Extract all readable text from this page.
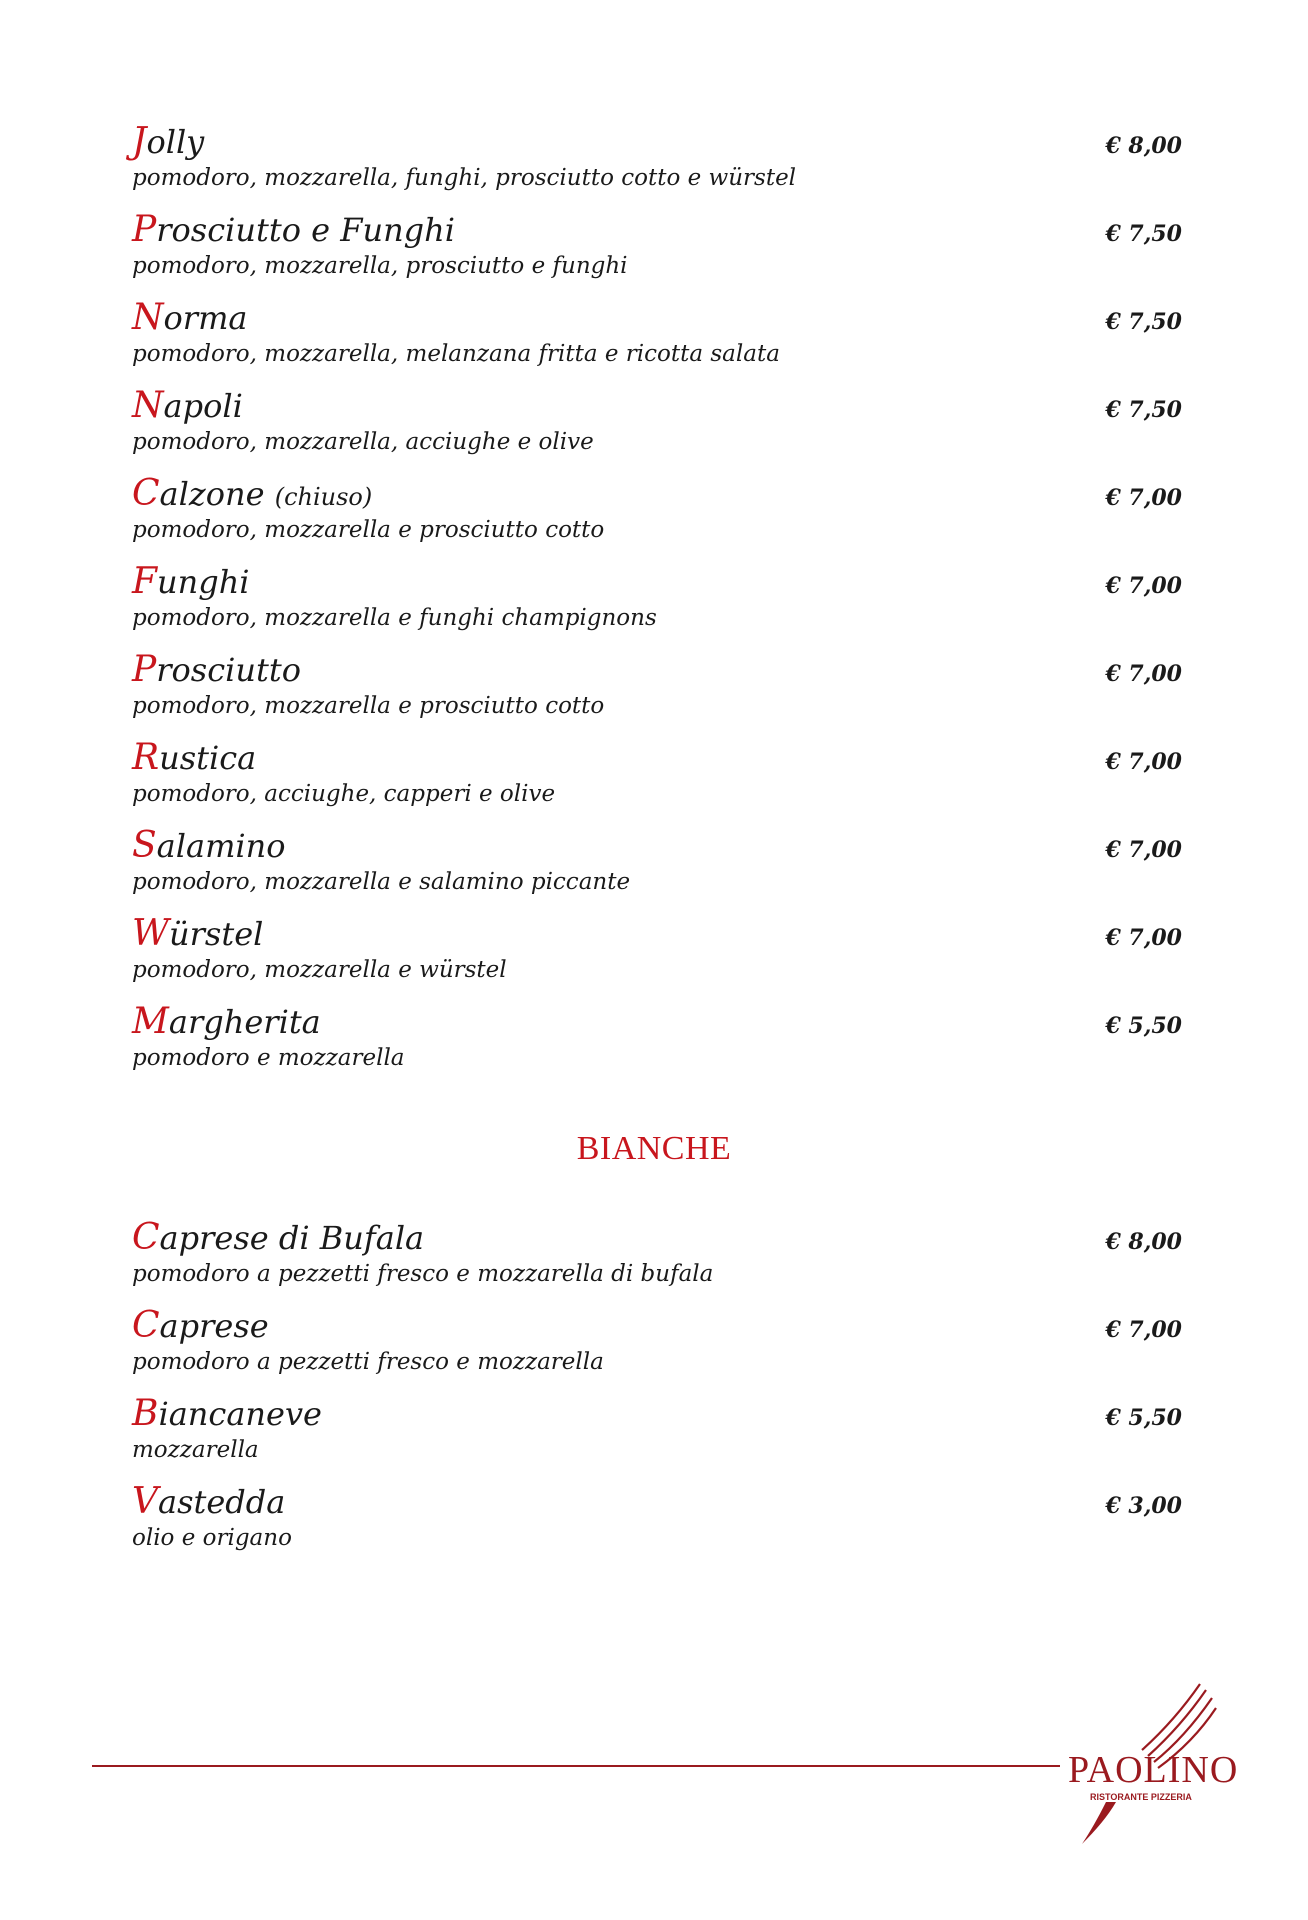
Jolly
pomodoro, mozzarella, funghi, prosciutto cotto e würstel
€ 8,00
Prosciutto e Funghi
pomodoro, mozzarella, prosciutto e funghi
€ 7,50
Norma
pomodoro, mozzarella, melanzana fritta e ricotta salata
€ 7,50
Napoli
pomodoro, mozzarella, acciughe e olive
€ 7,50
Calzone (chiuso)
pomodoro, mozzarella e prosciutto cotto
€ 7,00
Funghi
pomodoro, mozzarella e funghi champignons
€ 7,00
Prosciutto
pomodoro, mozzarella e prosciutto cotto
€ 7,00
Rustica
pomodoro, acciughe, capperi e olive
€ 7,00
Salamino
pomodoro, mozzarella e salamino piccante
€ 7,00
Würstel
pomodoro, mozzarella e würstel
€ 7,00
Margherita
pomodoro e mozzarella
€ 5,50
BIANCHE
Caprese di Bufala
pomodoro a pezzetti fresco e mozzarella di bufala
€ 8,00
Caprese
pomodoro a pezzetti fresco e mozzarella
€ 7,00
Biancaneve
mozzarella
€ 5,50
Vastedda
olio e origano
€ 3,00
PAOLINO
RISTORANTE PIZZERIA
